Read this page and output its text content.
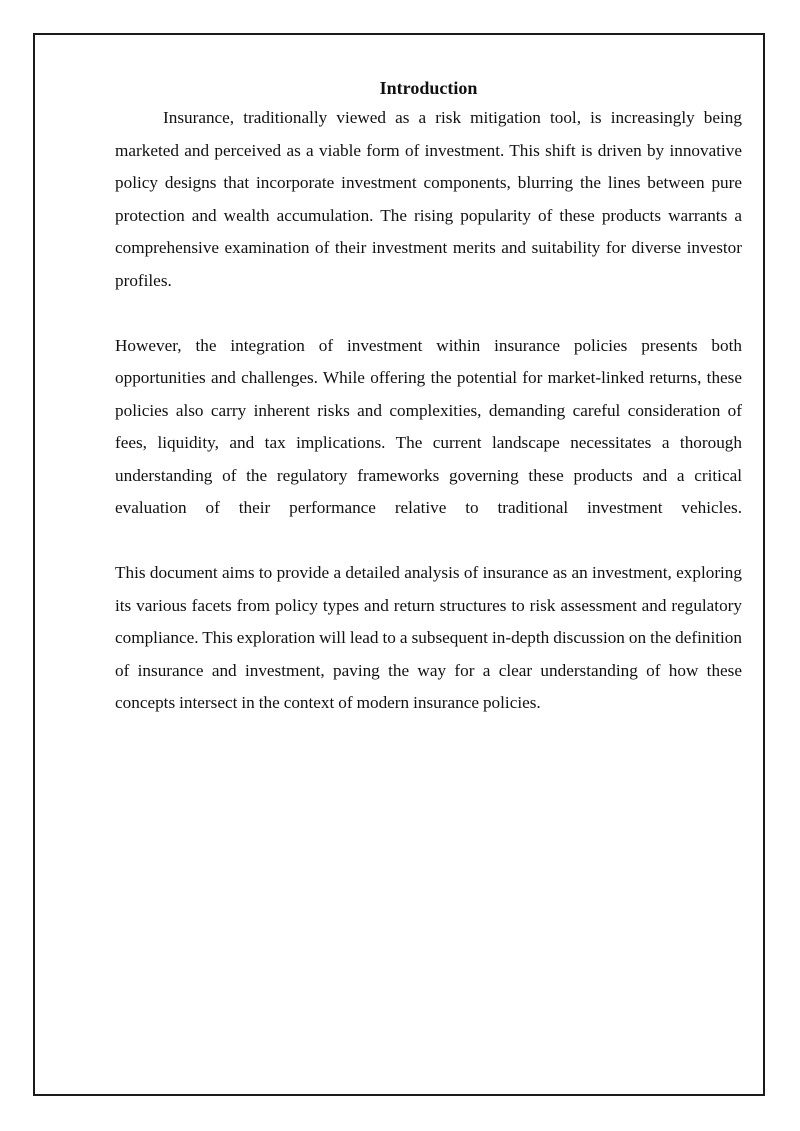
Introduction

Insurance, traditionally viewed as a risk mitigation tool, is increasingly being marketed and perceived as a viable form of investment. This shift is driven by innovative policy designs that incorporate investment components, blurring the lines between pure protection and wealth accumulation. The rising popularity of these products warrants a comprehensive examination of their investment merits and suitability for diverse investor profiles.

However, the integration of investment within insurance policies presents both opportunities and challenges. While offering the potential for market-linked returns, these policies also carry inherent risks and complexities, demanding careful consideration of fees, liquidity, and tax implications. The current landscape necessitates a thorough understanding of the regulatory frameworks governing these products and a critical evaluation of their performance relative to traditional investment vehicles.

This document aims to provide a detailed analysis of insurance as an investment, exploring its various facets from policy types and return structures to risk assessment and regulatory compliance. This exploration will lead to a subsequent in-depth discussion on the definition of insurance and investment, paving the way for a clear understanding of how these concepts intersect in the context of modern insurance policies.
